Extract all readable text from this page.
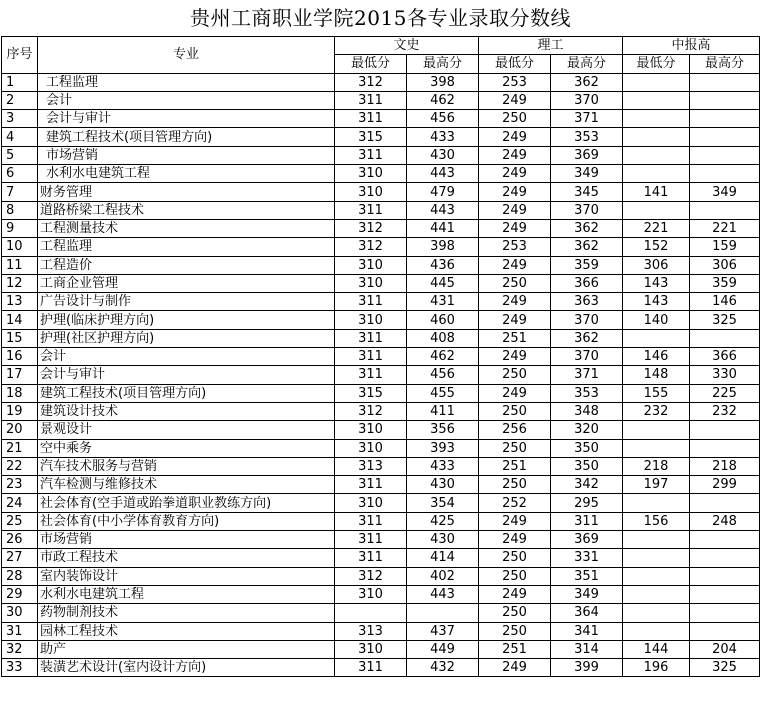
贵州工商职业学院2015各专业录取分数线
序号	专业	文史		理工		中报高	
		最低分	最高分	最低分	最高分	最低分	最高分
1	工程监理	312	398	253	362		
2	会计	311	462	249	370		
3	会计与审计	311	456	250	371		
4	建筑工程技术(项目管理方向)	315	433	249	353		
5	市场营销	311	430	249	369		
6	水利水电建筑工程	310	443	249	349		
7	财务管理	310	479	249	345	141	349
8	道路桥梁工程技术	311	443	249	370		
9	工程测量技术	312	441	249	362	221	221
10	工程监理	312	398	253	362	152	159
11	工程造价	310	436	249	359	306	306
12	工商企业管理	310	445	250	366	143	359
13	广告设计与制作	311	431	249	363	143	146
14	护理(临床护理方向)	310	460	249	370	140	325
15	护理(社区护理方向)	311	408	251	362		
16	会计	311	462	249	370	146	366
17	会计与审计	311	456	250	371	148	330
18	建筑工程技术(项目管理方向)	315	455	249	353	155	225
19	建筑设计技术	312	411	250	348	232	232
20	景观设计	310	356	256	320		
21	空中乘务	310	393	250	350		
22	汽车技术服务与营销	313	433	251	350	218	218
23	汽车检测与维修技术	311	430	250	342	197	299
24	社会体育(空手道或跆拳道职业教练方向)	310	354	252	295		
25	社会体育(中小学体育教育方向)	311	425	249	311	156	248
26	市场营销	311	430	249	369		
27	市政工程技术	311	414	250	331		
28	室内装饰设计	312	402	250	351		
29	水利水电建筑工程	310	443	249	349		
30	药物制剂技术			250	364		
31	园林工程技术	313	437	250	341		
32	助产	310	449	251	314	144	204
33	装潢艺术设计(室内设计方向)	311	432	249	399	196	325
